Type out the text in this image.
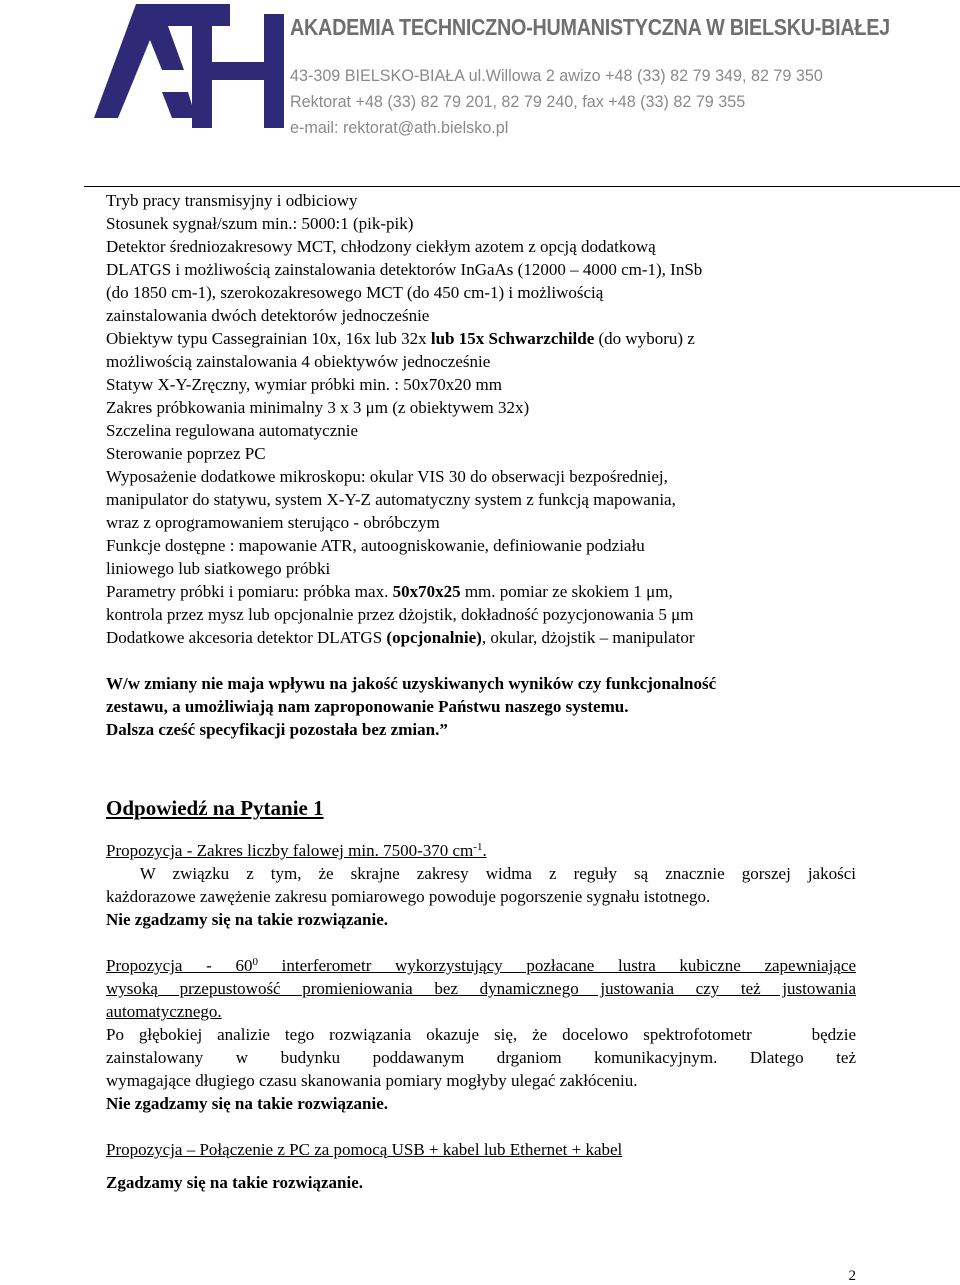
ATH
AKADEMIA TECHNICZNO-HUMANISTYCZNA W BIELSKU-BIAŁEJ
43-309 BIELSKO-BIAŁA ul.Willowa 2 awizo +48 (33) 82 79 349, 82 79 350
Rektorat +48 (33) 82 79 201, 82 79 240, fax +48 (33) 82 79 355
e-mail: rektorat@ath.bielsko.pl
Tryb pracy transmisyjny i odbiciowy
Stosunek sygnał/szum min.: 5000:1 (pik-pik)
Detektor średniozakresowy MCT, chłodzony ciekłym azotem z opcją dodatkową
DLATGS i możliwością zainstalowania detektorów InGaAs (12000 – 4000 cm-1), InSb
(do 1850 cm-1), szerokozakresowego MCT (do 450 cm-1) i możliwością
zainstalowania dwóch detektorów jednocześnie
Obiektyw typu Cassegrainian 10x, 16x lub 32x lub 15x Schwarzchilde (do wyboru) z
możliwością zainstalowania 4 obiektywów jednocześnie
Statyw X-Y-Zręczny, wymiar próbki min. : 50x70x20 mm
Zakres próbkowania minimalny 3 x 3 μm (z obiektywem 32x)
Szczelina regulowana automatycznie
Sterowanie poprzez PC
Wyposażenie dodatkowe mikroskopu: okular VIS 30 do obserwacji bezpośredniej,
manipulator do statywu, system X-Y-Z automatyczny system z funkcją mapowania,
wraz z oprogramowaniem sterująco - obróbczym
Funkcje dostępne : mapowanie ATR, autoogniskowanie, definiowanie podziału
liniowego lub siatkowego próbki
Parametry próbki i pomiaru: próbka max. 50x70x25 mm. pomiar ze skokiem 1 μm,
kontrola przez mysz lub opcjonalnie przez dżojstik, dokładność pozycjonowania 5 μm
Dodatkowe akcesoria detektor DLATGS (opcjonalnie), okular, dżojstik – manipulator
W/w zmiany nie maja wpływu na jakość uzyskiwanych wyników czy funkcjonalność
zestawu, a umożliwiają nam zaproponowanie Państwu naszego systemu.
Dalsza cześć specyfikacji pozostała bez zmian.”
Odpowiedź na Pytanie 1
Propozycja - Zakres liczby falowej min. 7500-370 $cm^{-1}$.
W związku z tym, że skrajne zakresy widma z reguły są znacznie gorszej jakości
każdorazowe zawężenie zakresu pomiarowego powoduje pogorszenie sygnału istotnego.
Nie zgadzamy się na takie rozwiązanie.
Propozycja - $60^0$ interferometr wykorzystujący pozłacane lustra kubiczne zapewniające
wysoką przepustowość promieniowania bez dynamicznego justowania czy też justowania
automatycznego.
Po głębokiej analizie tego rozwiązania okazuje się, że docelowo spektrofotometr    będzie
zainstalowany w budynku poddawanym drganiom komunikacyjnym. Dlatego też
wymagające długiego czasu skanowania pomiary mogłyby ulegać zakłóceniu.
Nie zgadzamy się na takie rozwiązanie.
Propozycja – Połączenie z PC za pomocą USB + kabel lub Ethernet + kabel
Zgadzamy się na takie rozwiązanie.
2
